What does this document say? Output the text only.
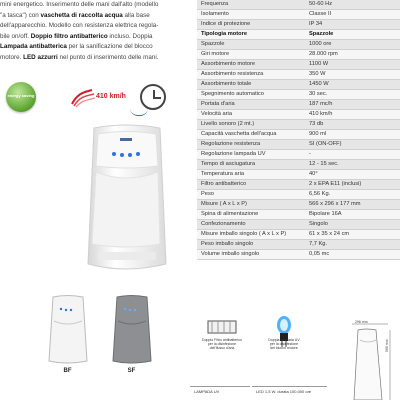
mini energetico. Inserimento delle mani dall'alto (modello

"a tasca") con vaschetta di raccolta acqua alla base

dell'apparecchio. Modello con resistenza elettrica regola-

bile on/off. Doppio filtro antibatterico incluso. Doppia

Lampada antibatterica per la sanificazione del blocco

motore. LED azzurri nel punto di inserimento delle mani.

energy saving	410 km/h
BF	SF
Frequenza	50-60 Hz
Isolamento	Classe II
Indice di protezione	IP 34
Tipologia motore	Spazzole
Spazzole	1000 ore
Giri motore	28.000 rpm
Assorbimento motore	1100 W
Assorbimento resistenza	350 W
Assorbimento totale	1450 W
Spegnimento automatico	30 sec.
Portata d'aria	187 mc/h
Velocità aria	410 km/h
Livello sonoro (2 mt.)	73 db
Capacità vaschetta dell'acqua	900 ml
Regolazione resistenza	SI (ON-OFF)
Regolazione lampada UV	-
Tempo di asciugatura	12 - 15 sec.
Temperatura aria	40°
Filtro antibatterico	2 x EPA E11 (inclusi)
Peso	6,56 Kg.
Misure ( A x L x P)	566 x 296 x 177 mm
Spina di alimentazione	Bipolare 16A
Confezionamento	Singolo
Misure imballo singolo ( A x L x P)	61 x 35 x 24 cm
Peso imballo singolo	7,7 Kg.
Volume imballo singolo	0,05 mc
Doppio Filtro antibatterico
per la disinfezione
dell'flusso d'aria
Doppia lampada UV
per la disinfezione
del blocco motore
LAMPADA UV	LED 1,5 W. durata 100.000 ore
296 mm
566 mm
